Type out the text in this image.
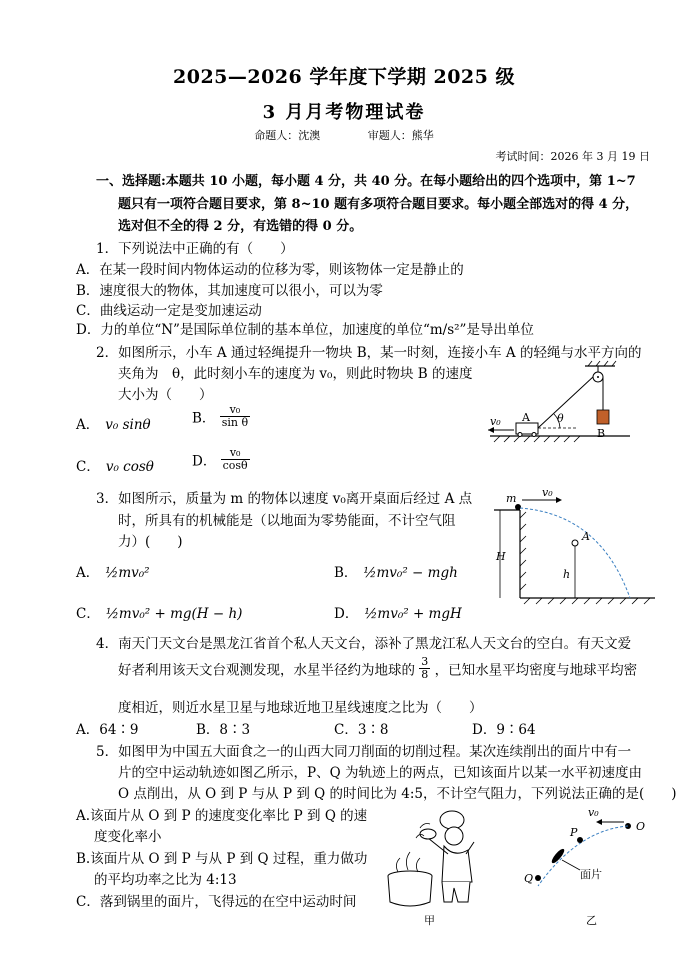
2025—2026 学年度下学期 2025 级
3 月月考物理试卷
命题人：沈澳	审题人：熊华
考试时间：2026 年 3 月 19 日
一、选择题:本题共 10 小题，每小题 4 分，共 40 分。在每小题给出的四个选项中，第 1~7
题只有一项符合题目要求，第 8~10 题有多项符合题目要求。每小题全部选对的得 4 分，
选对但不全的得 2 分，有选错的得 0 分。
1．下列说法中正确的有（　　）
A．在某一段时间内物体运动的位移为零，则该物体一定是静止的
B．速度很大的物体，其加速度可以很小，可以为零
C．曲线运动一定是变加速运动
D．力的单位“N”是国际单位制的基本单位，加速度的单位“m/s²”是导出单位
2．如图所示，小车 A 通过轻绳提升一物块 B，某一时刻，连接小车 A 的轻绳与水平方向的
夹角为　θ，此时刻小车的速度为 v₀，则此时物块 B 的速度
大小为（　　）
A． v₀ sinθ	B． $\frac{\text{v₀}}{\text{sin θ}}$
C． v₀ cosθ	D． $\frac{\text{v₀}}{\cos\theta}$
v₀ A θ
B
3．如图所示，质量为 m 的物体以速度 v₀离开桌面后经过 A 点
时，所具有的机械能是（以地面为零势能面，不计空气阻
力）(　　)
A． ½mv₀²	B． ½mv₀² − mgh
C． ½mv₀² + mg(H − h)	D． ½mv₀² + mgH
m v₀
A
H
h
4．南天门天文台是黑龙江省首个私人天文台，添补了黑龙江私人天文台的空白。有天文爱
好者利用该天文台观测发现，水星半径约为地球的 $\frac{3}{8}$ ，已知水星平均密度与地球平均密
度相近，则近水星卫星与地球近地卫星线速度之比为（　　）
A．64∶9	B．8∶3	C．3∶8	D．9∶64
5．如图甲为中国五大面食之一的山西大同刀削面的切削过程。某次连续削出的面片中有一
片的空中运动轨迹如图乙所示，P、Q 为轨迹上的两点，已知该面片以某一水平初速度由
O 点削出，从 O 到 P 与从 P 到 Q 的时间比为 4:5，不计空气阻力，下列说法正确的是(　　)
A.该面片从 O 到 P 的速度变化率比 P 到 Q 的速
度变化率小
B.该面片从 O 到 P 与从 P 到 Q 过程，重力做功
的平均功率之比为 4:13
C．落到锅里的面片，飞得远的在空中运动时间
甲
O
v₀
P
Q	面片
乙
